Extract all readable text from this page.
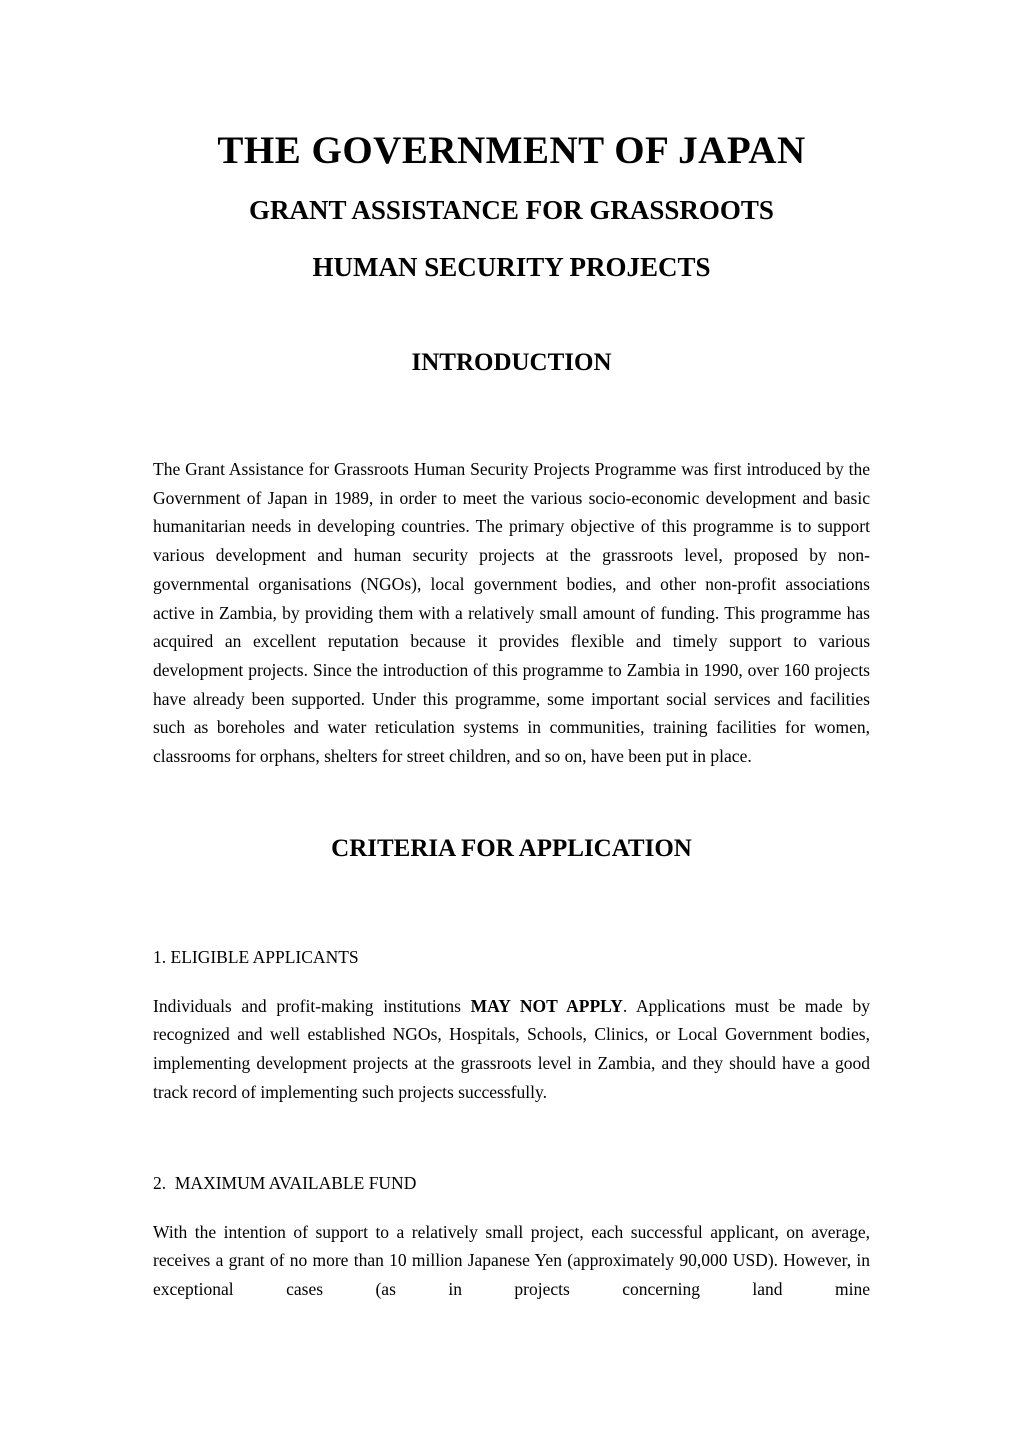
THE GOVERNMENT OF JAPAN
GRANT ASSISTANCE FOR GRASSROOTS
HUMAN SECURITY PROJECTS
INTRODUCTION

The Grant Assistance for Grassroots Human Security Projects Programme was first introduced by the Government of Japan in 1989, in order to meet the various socio-economic development and basic humanitarian needs in developing countries. The primary objective of this programme is to support various development and human security projects at the grassroots level, proposed by non-governmental organisations (NGOs), local government bodies, and other non-profit associations active in Zambia, by providing them with a relatively small amount of funding. This programme has acquired an excellent reputation because it provides flexible and timely support to various development projects. Since the introduction of this programme to Zambia in 1990, over 160 projects have already been supported. Under this programme, some important social services and facilities such as boreholes and water reticulation systems in communities, training facilities for women, classrooms for orphans, shelters for street children, and so on, have been put in place.

CRITERIA FOR APPLICATION
1. ELIGIBLE APPLICANTS

Individuals and profit-making institutions MAY NOT APPLY. Applications must be made by recognized and well established NGOs, Hospitals, Schools, Clinics, or Local Government bodies, implementing development projects at the grassroots level in Zambia, and they should have a good track record of implementing such projects successfully.

2.  MAXIMUM AVAILABLE FUND

With the intention of support to a relatively small project, each successful applicant, on average, receives a grant of no more than 10 million Japanese Yen (approximately 90,000 USD). However, in exceptional cases (as in projects concerning land mine
